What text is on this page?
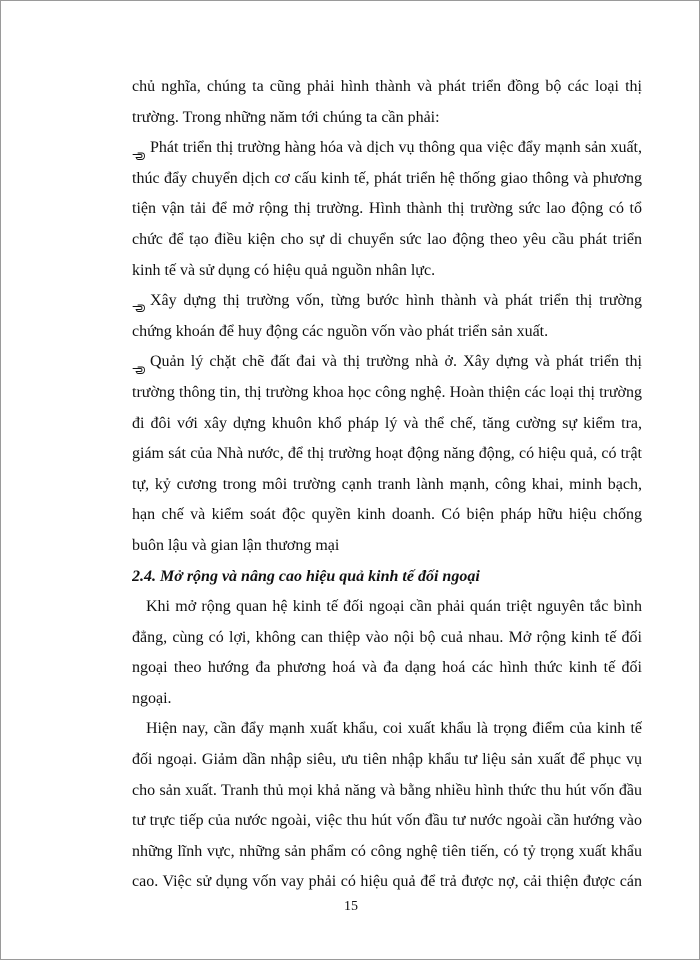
chủ nghĩa, chúng ta cũng phải hình thành và phát triển đồng bộ các loại thị
trường. Trong những năm tới chúng ta cần phải:
Phát triển thị trường hàng hóa và dịch vụ thông qua việc đẩy mạnh sản xuất,
thúc đẩy chuyển dịch cơ cấu kinh tế, phát triển hệ thống giao thông và phương
tiện vận tải để mở rộng thị trường. Hình thành thị trường sức lao động có tổ
chức để tạo điều kiện cho sự di chuyển sức lao động theo yêu cầu phát triển
kinh tế và sử dụng có hiệu quả nguồn nhân lực.
Xây dựng thị trường vốn, từng bước hình thành và phát triển thị trường
chứng khoán để huy động các nguồn vốn vào phát triển sản xuất.
Quản lý chặt chẽ đất đai và thị trường nhà ở. Xây dựng và phát triển thị
trường thông tin, thị trường khoa học công nghệ. Hoàn thiện các loại thị trường
đi đôi với xây dựng khuôn khổ pháp lý và thể chế, tăng cường sự kiểm tra,
giám sát của Nhà nước, để thị trường hoạt động năng động, có hiệu quả, có trật
tự, kỷ cương trong môi trường cạnh tranh lành mạnh, công khai, minh bạch,
hạn chế và kiểm soát độc quyền kinh doanh. Có biện pháp hữu hiệu chống
buôn lậu và gian lận thương mại
2.4. Mở rộng và nâng cao hiệu quả kinh tế đối ngoại
Khi mở rộng quan hệ kinh tế đối ngoại cần phải quán triệt nguyên tắc bình
đẳng, cùng có lợi, không can thiệp vào nội bộ cuả nhau. Mở rộng kinh tế đối
ngoại theo hướng đa phương hoá và đa dạng hoá các hình thức kinh tế đối
ngoại.
Hiện nay, cần đẩy mạnh xuất khẩu, coi xuất khẩu là trọng điểm của kinh tế
đối ngoại. Giảm dần nhập siêu, ưu tiên nhập khẩu tư liệu sản xuất để phục vụ
cho sản xuất. Tranh thủ mọi khả năng và bằng nhiều hình thức thu hút vốn đầu
tư trực tiếp của nước ngoài, việc thu hút vốn đầu tư nước ngoài cần hướng vào
những lĩnh vực, những sản phẩm có công nghệ tiên tiến, có tỷ trọng xuất khẩu
cao. Việc sử dụng vốn vay phải có hiệu quả để trả được nợ, cải thiện được cán
15
